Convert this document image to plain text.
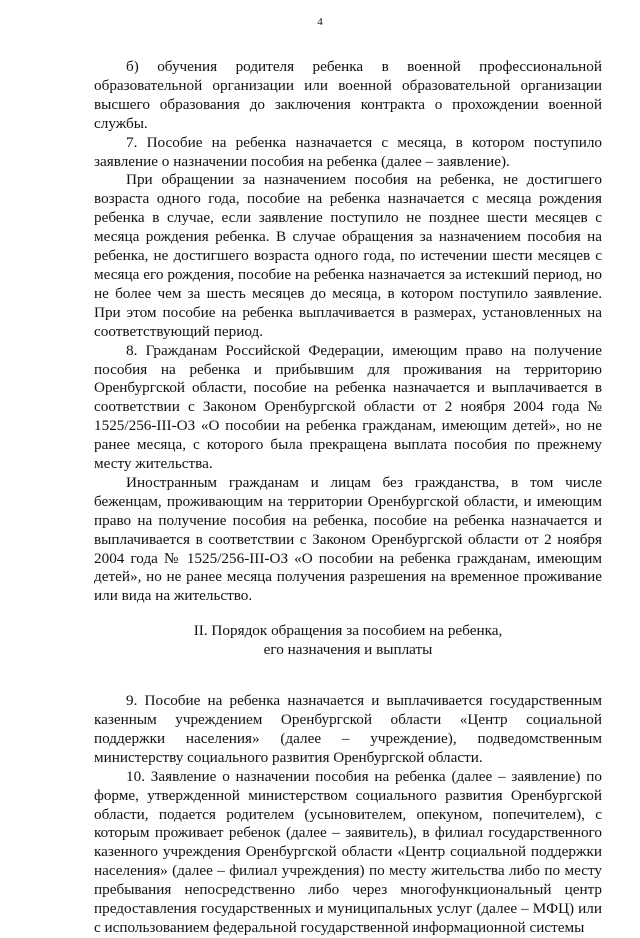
4

б) обучения родителя ребенка в военной профессиональной образовательной организации или военной образовательной организации высшего образования до заключения контракта о прохождении военной службы.

7. Пособие на ребенка назначается с месяца, в котором поступило заявление о назначении пособия на ребенка (далее – заявление).

При обращении за назначением пособия на ребенка, не достигшего возраста одного года, пособие на ребенка назначается с месяца рождения ребенка в случае, если заявление поступило не позднее шести месяцев с месяца рождения ребенка. В случае обращения за назначением пособия на ребенка, не достигшего возраста одного года, по истечении шести месяцев с месяца его рождения, пособие на ребенка назначается за истекший период, но не более чем за шесть месяцев до месяца, в котором поступило заявление. При этом пособие на ребенка выплачивается в размерах, установленных на соответствующий период.

8. Гражданам Российской Федерации, имеющим право на получение пособия на ребенка и прибывшим для проживания на территорию Оренбургской области, пособие на ребенка назначается и выплачивается в соответствии с Законом Оренбургской области от 2 ноября 2004 года № 1525/256-III-ОЗ «О пособии на ребенка гражданам, имеющим детей», но не ранее месяца, с которого была прекращена выплата пособия по прежнему месту жительства.

Иностранным гражданам и лицам без гражданства, в том числе беженцам, проживающим на территории Оренбургской области, и имеющим право на получение пособия на ребенка, пособие на ребенка назначается и выплачивается в соответствии с Законом Оренбургской области от 2 ноября 2004 года № 1525/256-III-ОЗ «О пособии на ребенка гражданам, имеющим детей», но не ранее месяца получения разрешения на временное проживание или вида на жительство.

II. Порядок обращения за пособием на ребенка,
его назначения и выплаты

9. Пособие на ребенка назначается и выплачивается государственным казенным учреждением Оренбургской области «Центр социальной поддержки населения» (далее – учреждение), подведомственным министерству социального развития Оренбургской области.

10. Заявление о назначении пособия на ребенка (далее – заявление) по форме, утвержденной министерством социального развития Оренбургской области, подается родителем (усыновителем, опекуном, попечителем), с которым проживает ребенок (далее – заявитель), в филиал государственного казенного учреждения Оренбургской области «Центр социальной поддержки населения» (далее – филиал учреждения) по месту жительства либо по месту пребывания непосредственно либо через многофункциональный центр предоставления государственных и муниципальных услуг (далее – МФЦ) или с использованием федеральной государственной информационной системы
